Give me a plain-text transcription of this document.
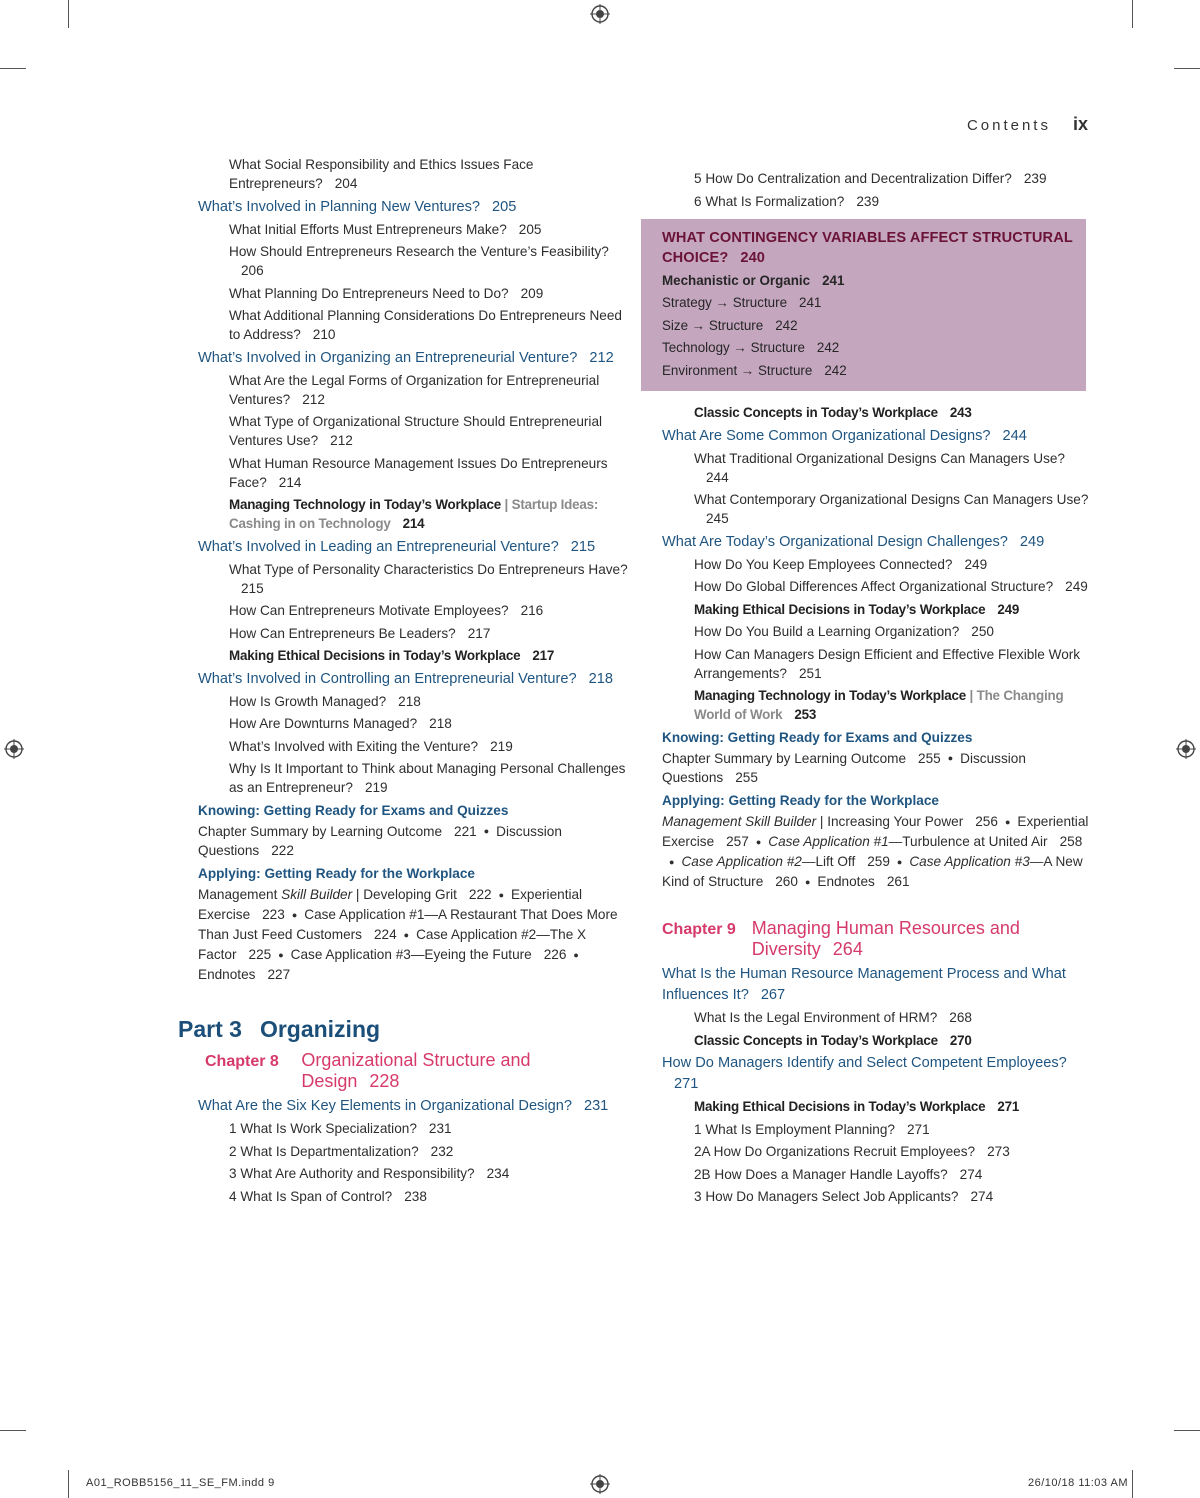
Contents ix
What Social Responsibility and Ethics Issues Face Entrepreneurs? 204
What’s Involved in Planning New Ventures? 205
What Initial Efforts Must Entrepreneurs Make? 205
How Should Entrepreneurs Research the Venture’s Feasibility?206
What Planning Do Entrepreneurs Need to Do? 209
What Additional Planning Considerations Do Entrepreneurs Need to Address? 210
What’s Involved in Organizing an Entrepreneurial Venture? 212
What Are the Legal Forms of Organization for Entrepreneurial Ventures? 212
What Type of Organizational Structure Should Entrepreneurial Ventures Use? 212
What Human Resource Management Issues Do Entrepreneurs Face? 214
Managing Technology in Today’s Workplace | Startup Ideas: Cashing in on Technology 214
What’s Involved in Leading an Entrepreneurial Venture? 215
What Type of Personality Characteristics Do Entrepreneurs Have?215
How Can Entrepreneurs Motivate Employees? 216
How Can Entrepreneurs Be Leaders? 217
Making Ethical Decisions in Today’s Workplace 217
What’s Involved in Controlling an Entrepreneurial Venture? 218
How Is Growth Managed? 218
How Are Downturns Managed? 218
What’s Involved with Exiting the Venture? 219
Why Is It Important to Think about Managing Personal Challenges as an Entrepreneur? 219
Knowing: Getting Ready for Exams and Quizzes
Chapter Summary by Learning Outcome 221 ● Discussion Questions 222
Applying: Getting Ready for the Workplace
Management Skill Builder | Developing Grit 222 ● Experiential Exercise 223 ● Case Application #1—A Restaurant That Does More Than Just Feed Customers 224 ● Case Application #2—The X Factor 225 ● Case Application #3—Eyeing the Future 226 ●Endnotes 227
Part 3 Organizing
Chapter 8	Organizational Structure and Design 228
What Are the Six Key Elements in Organizational Design? 231
1 What Is Work Specialization? 231
2 What Is Departmentalization? 232
3 What Are Authority and Responsibility? 234
4 What Is Span of Control? 238
5 How Do Centralization and Decentralization Differ? 239
6 What Is Formalization? 239
WHAT CONTINGENCY VARIABLES AFFECT STRUCTURAL CHOICE? 240
Mechanistic or Organic 241
Strategy → Structure 241
Size → Structure 242
Technology → Structure 242
Environment → Structure 242
Classic Concepts in Today’s Workplace 243
What Are Some Common Organizational Designs? 244
What Traditional Organizational Designs Can Managers Use?244
What Contemporary Organizational Designs Can Managers Use?245
What Are Today’s Organizational Design Challenges? 249
How Do You Keep Employees Connected? 249
How Do Global Differences Affect Organizational Structure? 249
Making Ethical Decisions in Today’s Workplace 249
How Do You Build a Learning Organization? 250
How Can Managers Design Efficient and Effective Flexible Work Arrangements? 251
Managing Technology in Today’s Workplace | The Changing World of Work 253
Knowing: Getting Ready for Exams and Quizzes
Chapter Summary by Learning Outcome 255 ● Discussion Questions 255
Applying: Getting Ready for the Workplace
Management Skill Builder | Increasing Your Power 256 ● Experiential Exercise 257 ● Case Application #1—Turbulence at United Air 258● Case Application #2—Lift Off 259 ● Case Application #3—A New Kind of Structure 260 ● Endnotes 261
Chapter 9 Managing Human Resources and Diversity 264
What Is the Human Resource Management Process and What Influences It? 267
What Is the Legal Environment of HRM? 268
Classic Concepts in Today’s Workplace 270
How Do Managers Identify and Select Competent Employees?271
Making Ethical Decisions in Today’s Workplace 271
1 What Is Employment Planning? 271
2A How Do Organizations Recruit Employees? 273
2B How Does a Manager Handle Layoffs? 274
3 How Do Managers Select Job Applicants? 274
A01_ROBB5156_11_SE_FM.indd 9	26/10/18 11:03 AM
